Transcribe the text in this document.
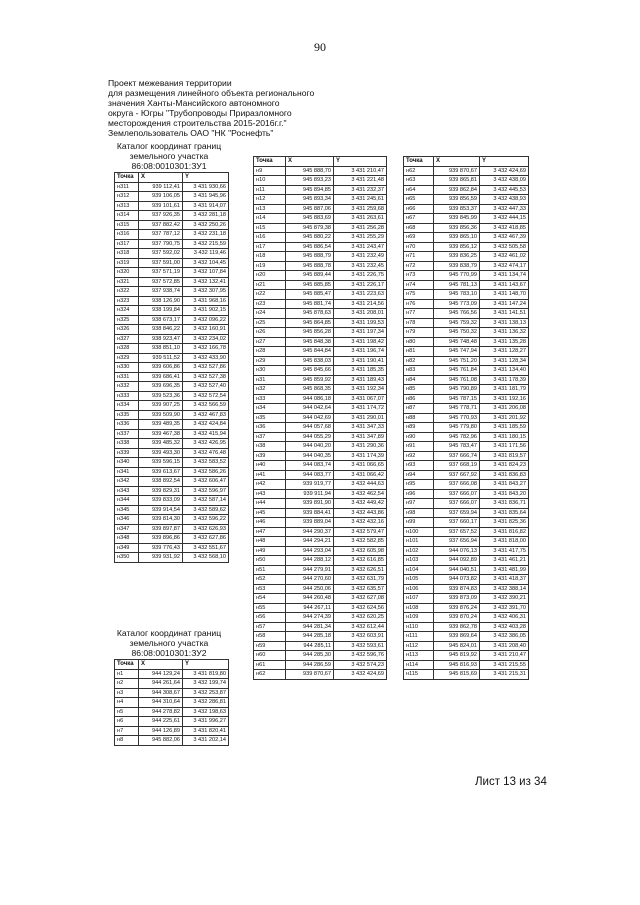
90
Проект межевания территории
для размещения линейного объекта регионального
значения Ханты-Мансийского автономного
округа - Югры "Трубопроводы Приразломного
месторождения строительства 2015-2016г.г."
Землепользователь ОАО "НК "Роснефть"
Каталог координат границ
земельного участка
86:08:0010301:ЗУ1
Точка	X	Y
н311	939 112,41	3 431 930,66
н312	939 106,05	3 431 945,96
н313	939 101,61	3 431 914,07
н314	937 926,35	3 432 281,18
н315	937 882,42	3 432 250,26
н316	937 787,12	3 432 231,18
н317	937 790,75	3 432 215,59
н318	937 592,02	3 432 119,46
н319	937 591,00	3 432 104,45
н320	937 571,19	3 432 107,84
н321	937 572,85	3 432 132,41
н322	937 938,74	3 432 307,95
н323	938 126,90	3 431 968,16
н324	938 199,84	3 431 902,15
н325	938 673,17	3 432 096,22
н326	938 846,22	3 432 160,91
н327	938 923,47	3 432 234,02
н328	938 851,10	3 432 166,78
н329	939 511,52	3 432 433,90
н330	939 606,86	3 432 527,86
н331	939 686,41	3 432 527,38
н332	939 696,35	3 432 527,40
н333	939 523,36	3 432 572,54
н334	939 907,25	3 432 566,59
н335	939 509,90	3 432 467,83
н336	939 489,35	3 432 424,84
н337	939 467,38	3 432 415,94
н338	939 485,32	3 432 426,95
н339	939 493,30	3 432 476,48
н340	939 596,15	3 432 583,52
н341	939 613,67	3 432 586,26
н342	938 892,54	3 432 606,47
н343	939 829,31	3 432 596,97
н344	939 833,09	3 432 587,14
н345	939 914,54	3 432 589,62
н346	939 814,30	3 432 596,22
н347	939 897,87	3 432 626,93
н348	939 896,86	3 432 627,86
н349	939 776,43	3 432 551,67
н350	939 931,92	3 432 568,10
Каталог координат границ
земельного участка
86:08:0010301:ЗУ2
Точка	X	Y
н1	944 129,24	3 431 819,80
н2	944 261,64	3 432 199,74
н3	944 308,67	3 432 253,87
н4	944 310,64	3 432 286,81
н5	944 278,82	3 432 198,63
н6	944 225,61	3 431 996,27
н7	944 126,89	3 431 820,41
н8	945 882,06	3 431 202,14
Точка	X	Y
н9	945 888,70	3 431 210,47
н10	945 893,23	3 431 221,48
н11	945 894,85	3 431 232,37
н12	945 893,34	3 431 245,61
н13	945 887,06	3 431 259,68
н14	945 883,69	3 431 263,61
н15	945 879,38	3 431 256,28
н16	945 880,22	3 431 255,29
н17	945 886,54	3 431 243,47
н18	945 888,79	3 431 232,49
н19	945 888,78	3 431 232,45
н20	945 889,44	3 431 226,75
н21	945 885,85	3 431 226,17
н22	945 885,47	3 431 223,63
н23	945 881,74	3 431 214,56
н24	945 878,63	3 431 208,01
н25	945 864,85	3 431 199,53
н26	945 856,28	3 431 197,34
н27	945 848,38	3 431 198,42
н28	945 844,84	3 431 196,74
н29	945 838,03	3 431 190,41
н30	945 845,66	3 431 185,35
н31	945 859,92	3 431 189,43
н32	945 868,35	3 431 192,34
н33	944 086,18	3 431 067,07
н34	944 042,64	3 431 174,72
н35	944 042,69	3 431 290,01
н36	944 057,68	3 431 347,33
н37	944 055,29	3 431 347,89
н38	944 040,20	3 431 290,36
н39	944 040,35	3 431 174,39
н40	944 083,74	3 431 066,65
н41	944 083,77	3 431 066,42
н42	939 919,77	3 432 444,63
н43	939 911,94	3 432 462,54
н44	939 891,90	3 432 449,42
н45	939 884,41	3 432 443,86
н46	939 889,04	3 432 432,16
н47	944 290,37	3 432 579,47
н48	944 294,21	3 432 582,85
н49	944 293,04	3 432 605,98
н50	944 288,12	3 432 616,85
н51	944 279,91	3 432 626,51
н52	944 270,60	3 432 631,79
н53	944 250,06	3 432 635,57
н54	944 260,48	3 432 627,08
н55	944 267,11	3 432 624,56
н56	944 274,39	3 432 620,25
н57	944 281,34	3 432 612,44
н58	944 285,18	3 432 603,91
н59	944 285,11	3 432 593,61
н60	944 285,30	3 432 596,76
н61	944 286,59	3 432 574,23
н62	939 870,67	3 432 424,69
Точка	X	Y
н62	939 870,67	3 432 424,69
н63	939 865,81	3 432 438,09
н64	939 862,84	3 432 445,53
н65	939 856,59	3 432 438,93
н66	939 853,37	3 432 447,33
н67	939 845,99	3 432 444,15
н68	939 856,36	3 432 418,85
н69	939 865,10	3 432 467,39
н70	939 856,12	3 432 505,58
н71	939 836,25	3 432 461,02
н72	939 838,79	3 432 474,17
н73	945 770,99	3 431 134,74
н74	945 781,13	3 431 143,67
н75	945 783,10	3 431 148,70
н76	945 773,09	3 431 147,24
н77	945 766,56	3 431 141,51
н78	945 759,32	3 431 138,13
н79	945 750,32	3 431 136,32
н80	945 748,48	3 431 135,28
н81	945 747,94	3 431 128,27
н82	945 751,20	3 431 128,34
н83	945 761,84	3 431 134,40
н84	945 761,08	3 431 178,39
н85	945 790,89	3 431 181,79
н86	945 787,15	3 431 192,16
н87	945 778,71	3 431 206,08
н88	945 770,93	3 431 201,92
н89	945 779,80	3 431 185,59
н90	945 782,96	3 431 180,15
н91	945 783,47	3 431 171,56
н92	937 666,74	3 431 819,57
н93	937 668,19	3 431 824,23
н94	937 667,92	3 431 836,83
н95	937 666,08	3 431 843,27
н96	937 666,07	3 431 843,20
н97	937 666,07	3 431 836,71
н98	937 659,94	3 431 835,64
н99	937 660,17	3 431 825,36
н100	937 657,52	3 431 816,82
н101	937 656,94	3 431 818,00
н102	944 076,13	3 431 417,75
н103	944 092,89	3 431 461,21
н104	944 040,51	3 431 481,99
н105	944 073,82	3 431 418,37
н106	939 874,83	3 432 388,14
н107	939 873,09	3 432 390,21
н108	939 876,24	3 432 391,70
н109	939 870,24	3 432 406,31
н110	939 862,78	3 432 403,28
н111	939 869,64	3 432 386,05
н112	945 824,01	3 431 208,40
н113	945 819,92	3 431 210,47
н114	945 816,93	3 431 215,55
н115	945 815,69	3 431 215,31
Лист 13 из 34
